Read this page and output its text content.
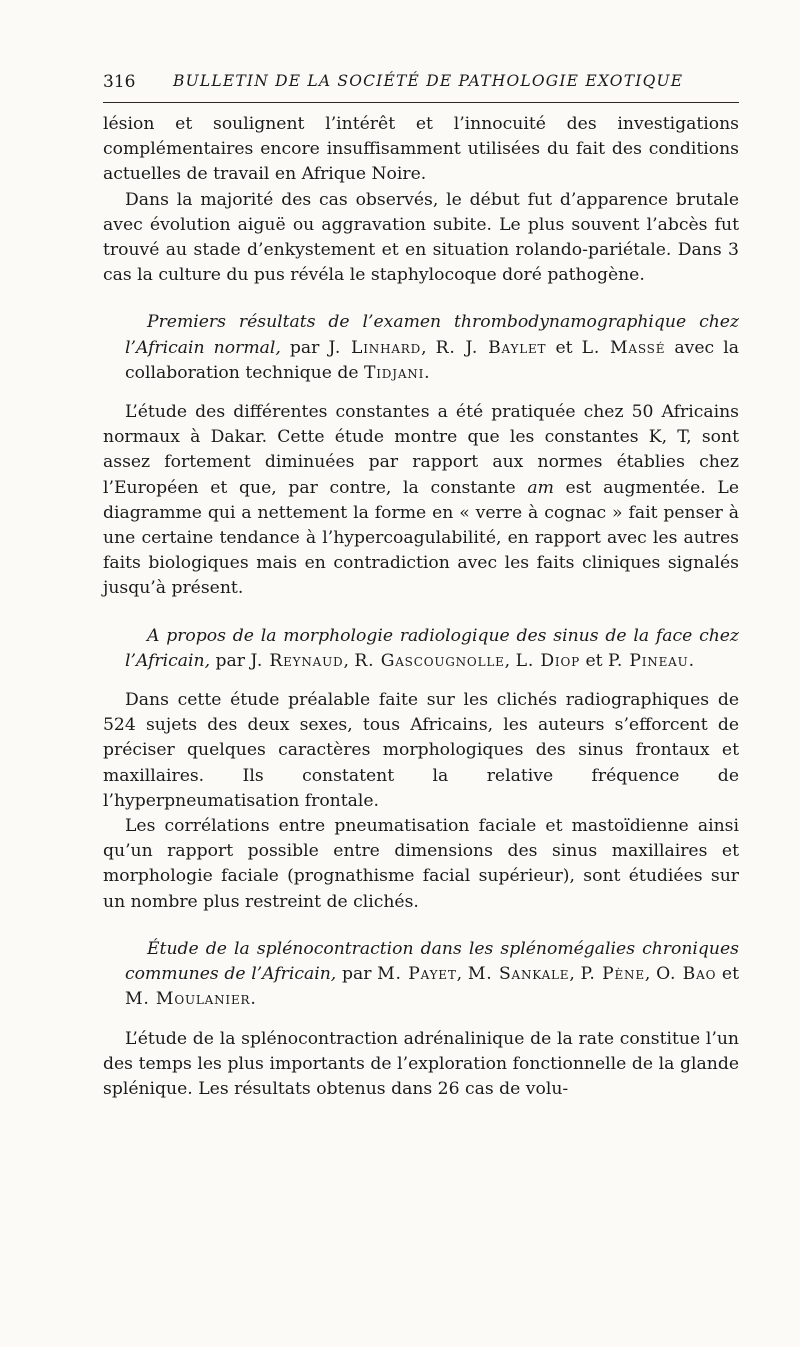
316 BULLETIN DE LA SOCIÉTÉ DE PATHOLOGIE EXOTIQUE

lésion et soulignent l’intérêt et l’innocuité des investigations complémentaires encore insuffisamment utilisées du fait des conditions actuelles de travail en Afrique Noire.

Dans la majorité des cas observés, le début fut d’apparence brutale avec évolution aiguë ou aggravation subite. Le plus souvent l’abcès fut trouvé au stade d’enkystement et en situation rolando-pariétale. Dans 3 cas la culture du pus révéla le staphylocoque doré pathogène.

Premiers résultats de l’examen thrombodynamographique chez l’Africain normal, par J. Linhard, R. J. Baylet et L. Massé avec la collaboration technique de Tidjani.

L’étude des différentes constantes a été pratiquée chez 50 Africains normaux à Dakar. Cette étude montre que les constantes K, T, sont assez fortement diminuées par rapport aux normes établies chez l’Européen et que, par contre, la constante am est augmentée. Le diagramme qui a nettement la forme en « verre à cognac » fait penser à une certaine tendance à l’hypercoagulabilité, en rapport avec les autres faits biologiques mais en contradiction avec les faits cliniques signalés jusqu’à présent.

A propos de la morphologie radiologique des sinus de la face chez l’Africain, par J. Reynaud, R. Gascougnolle, L. Diop et P. Pineau.

Dans cette étude préalable faite sur les clichés radiographiques de 524 sujets des deux sexes, tous Africains, les auteurs s’efforcent de préciser quelques caractères morphologiques des sinus frontaux et maxillaires. Ils constatent la relative fréquence de l’hyperpneumatisation frontale.

Les corrélations entre pneumatisation faciale et mastoïdienne ainsi qu’un rapport possible entre dimensions des sinus maxillaires et morphologie faciale (prognathisme facial supérieur), sont étudiées sur un nombre plus restreint de clichés.

Étude de la splénocontraction dans les splénomégalies chroniques communes de l’Africain, par M. Payet, M. Sankale, P. Pène, O. Bao et M. Moulanier.

L’étude de la splénocontraction adrénalinique de la rate constitue l’un des temps les plus importants de l’exploration fonctionnelle de la glande splénique. Les résultats obtenus dans 26 cas de volu-
